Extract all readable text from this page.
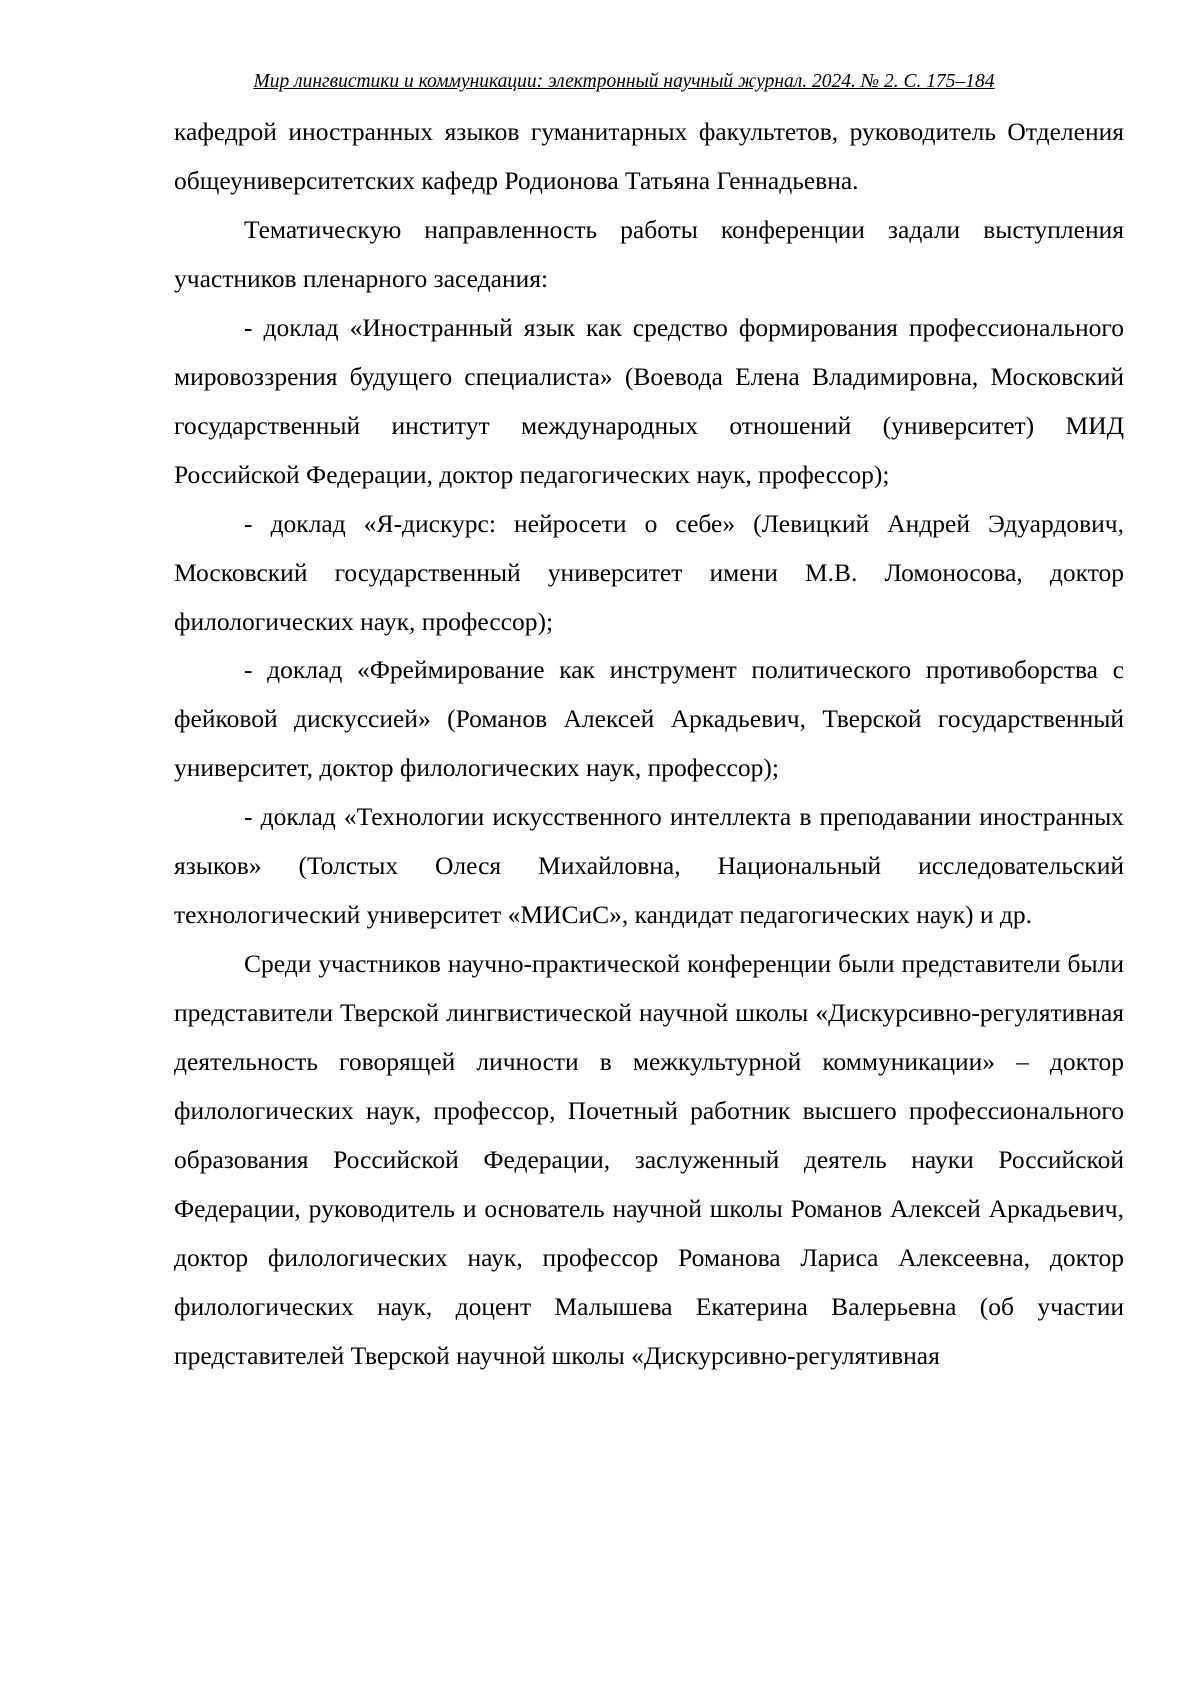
Мир лингвистики и коммуникации: электронный научный журнал. 2024. № 2. С. 175–184

кафедрой иностранных языков гуманитарных факультетов, руководитель Отделения общеуниверситетских кафедр Родионова Татьяна Геннадьевна.

Тематическую направленность работы конференции задали выступления участников пленарного заседания:

- доклад «Иностранный язык как средство формирования профессионального мировоззрения будущего специалиста» (Воевода Елена Владимировна, Московский государственный институт международных отношений (университет) МИД Российской Федерации, доктор педагогических наук, профессор);

- доклад «Я-дискурс: нейросети о себе» (Левицкий Андрей Эдуардович, Московский государственный университет имени М.В. Ломоносова, доктор филологических наук, профессор);

- доклад «Фреймирование как инструмент политического противоборства с фейковой дискуссией» (Романов Алексей Аркадьевич, Тверской государственный университет, доктор филологических наук, профессор);

- доклад «Технологии искусственного интеллекта в преподавании иностранных языков» (Толстых Олеся Михайловна, Национальный исследовательский технологический университет «МИСиС», кандидат педагогических наук) и др.

Среди участников научно-практической конференции были представители были представители Тверской лингвистической научной школы «Дискурсивно-регулятивная деятельность говорящей личности в межкультурной коммуникации» – доктор филологических наук, профессор, Почетный работник высшего профессионального образования Российской Федерации, заслуженный деятель науки Российской Федерации, руководитель и основатель научной школы Романов Алексей Аркадьевич, доктор филологических наук, профессор Романова Лариса Алексеевна, доктор филологических наук, доцент Малышева Екатерина Валерьевна (об участии представителей Тверской научной школы «Дискурсивно-регулятивная
